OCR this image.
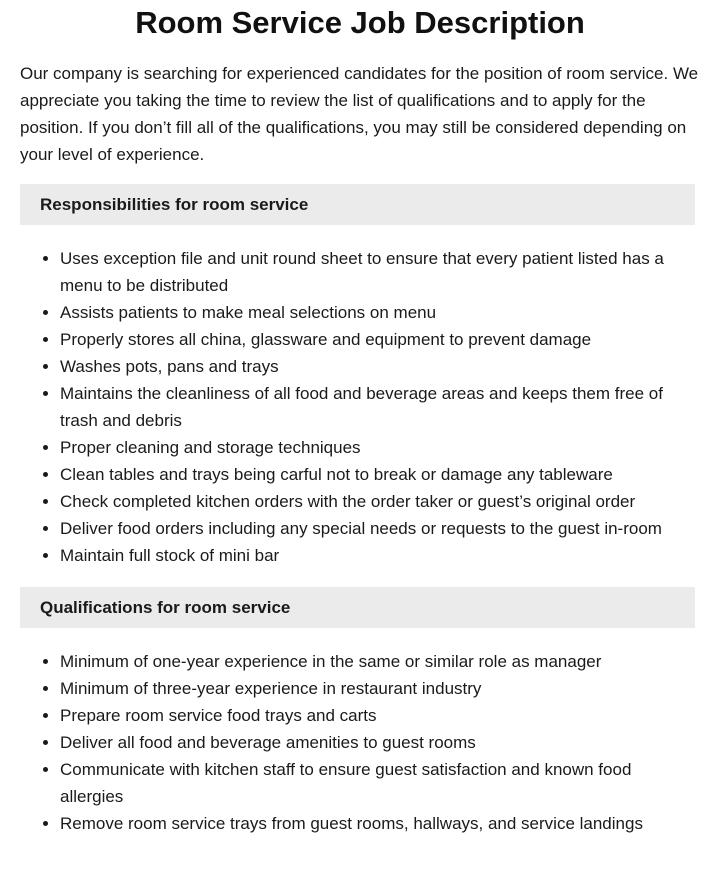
Room Service Job Description

Our company is searching for experienced candidates for the position of room service. We appreciate you taking the time to review the list of qualifications and to apply for the position. If you don’t fill all of the qualifications, you may still be considered depending on your level of experience.

Responsibilities for room service
• Uses exception file and unit round sheet to ensure that every patient listed has a menu to be distributed
• Assists patients to make meal selections on menu
• Properly stores all china, glassware and equipment to prevent damage
• Washes pots, pans and trays
• Maintains the cleanliness of all food and beverage areas and keeps them free of trash and debris
• Proper cleaning and storage techniques
• Clean tables and trays being carful not to break or damage any tableware
• Check completed kitchen orders with the order taker or guest’s original order
• Deliver food orders including any special needs or requests to the guest in-room
• Maintain full stock of mini bar
Qualifications for room service
• Minimum of one-year experience in the same or similar role as manager
• Minimum of three-year experience in restaurant industry
• Prepare room service food trays and carts
• Deliver all food and beverage amenities to guest rooms
• Communicate with kitchen staff to ensure guest satisfaction and known food allergies
• Remove room service trays from guest rooms, hallways, and service landings
